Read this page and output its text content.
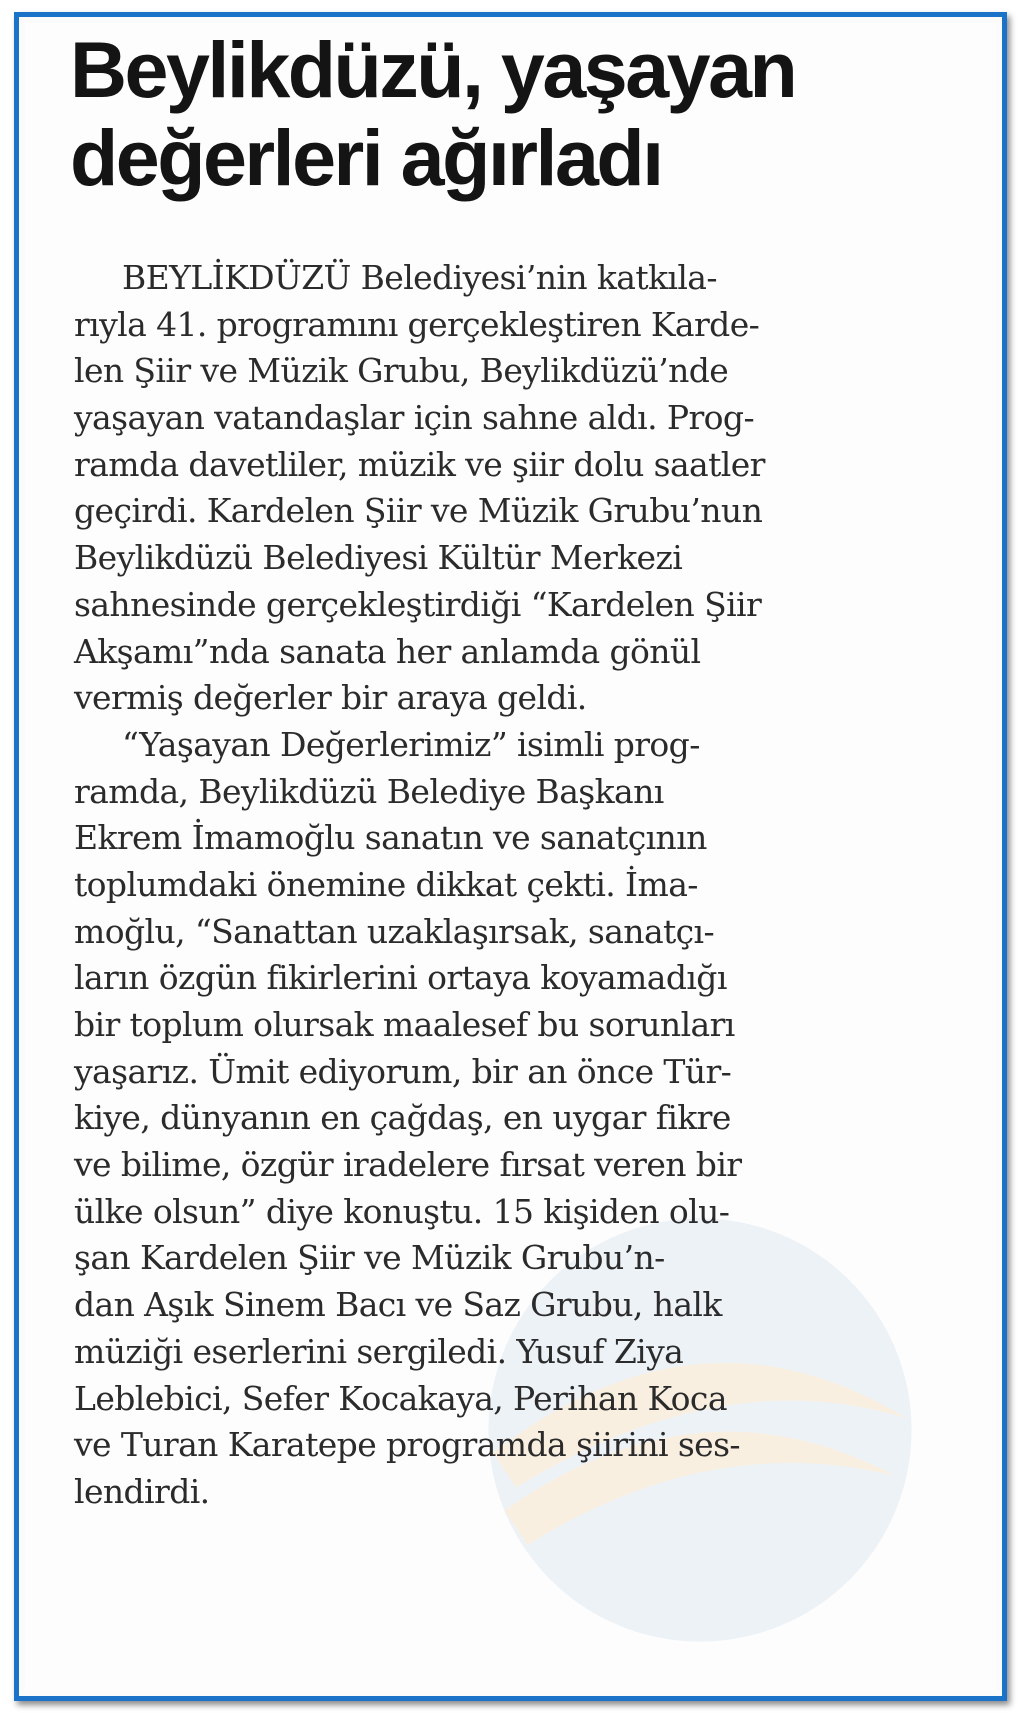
Beylikdüzü, yaşayan
değerleri ağırladı
BEYLİKDÜZÜ Belediyesi’nin katkıla-
rıyla 41. programını gerçekleştiren Karde-
len Şiir ve Müzik Grubu, Beylikdüzü’nde
yaşayan vatandaşlar için sahne aldı. Prog-
ramda davetliler, müzik ve şiir dolu saatler
geçirdi. Kardelen Şiir ve Müzik Grubu’nun
Beylikdüzü Belediyesi Kültür Merkezi
sahnesinde gerçekleştirdiği “Kardelen Şiir
Akşamı”nda sanata her anlamda gönül
vermiş değerler bir araya geldi.
“Yaşayan Değerlerimiz” isimli prog-
ramda, Beylikdüzü Belediye Başkanı
Ekrem İmamoğlu sanatın ve sanatçının
toplumdaki önemine dikkat çekti. İma-
moğlu, “Sanattan uzaklaşırsak, sanatçı-
ların özgün fikirlerini ortaya koyamadığı
bir toplum olursak maalesef bu sorunları
yaşarız. Ümit ediyorum, bir an önce Tür-
kiye, dünyanın en çağdaş, en uygar fikre
ve bilime, özgür iradelere fırsat veren bir
ülke olsun” diye konuştu. 15 kişiden olu-
şan Kardelen Şiir ve Müzik Grubu’n-
dan Aşık Sinem Bacı ve Saz Grubu, halk
müziği eserlerini sergiledi. Yusuf Ziya
Leblebici, Sefer Kocakaya, Perihan Koca
ve Turan Karatepe programda şiirini ses-
lendirdi.
